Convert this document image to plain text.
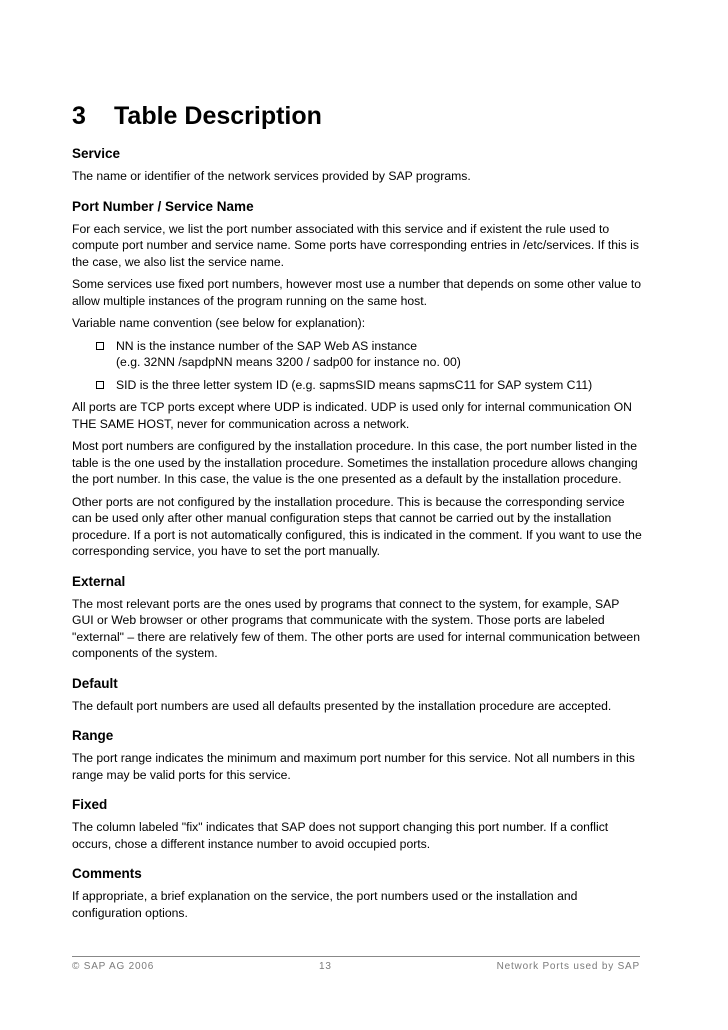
3	Table Description
Service
The name or identifier of the network services provided by SAP programs.
Port Number / Service Name
For each service, we list the port number associated with this service and if existent the rule used to compute port number and service name. Some ports have corresponding entries in /etc/services. If this is the case, we also list the service name.
Some services use fixed port numbers, however most use a number that depends on some other value to allow multiple instances of the program running on the same host.
Variable name convention (see below for explanation):
NN is the instance number of the SAP Web AS instance
(e.g. 32NN /sapdpNN means 3200 / sadp00 for instance no. 00)
SID is the three letter system ID (e.g. sapmsSID means sapmsC11 for SAP system C11)
All ports are TCP ports except where UDP is indicated. UDP is used only for internal communication ON THE SAME HOST, never for communication across a network.
Most port numbers are configured by the installation procedure. In this case, the port number listed in the table is the one used by the installation procedure. Sometimes the installation procedure allows changing the port number. In this case, the value is the one presented as a default by the installation procedure.
Other ports are not configured by the installation procedure. This is because the corresponding service can be used only after other manual configuration steps that cannot be carried out by the installation procedure. If a port is not automatically configured, this is indicated in the comment. If you want to use the corresponding service, you have to set the port manually.
External
The most relevant ports are the ones used by programs that connect to the system, for example, SAP GUI or Web browser or other programs that communicate with the system. Those ports are labeled "external" – there are relatively few of them. The other ports are used for internal communication between components of the system.
Default
The default port numbers are used all defaults presented by the installation procedure are accepted.
Range
The port range indicates the minimum and maximum port number for this service. Not all numbers in this range may be valid ports for this service.
Fixed
The column labeled "fix" indicates that SAP does not support changing this port number. If a conflict occurs, chose a different instance number to avoid occupied ports.
Comments
If appropriate, a brief explanation on the service, the port numbers used or the installation and configuration options.
© SAP AG 2006	13	Network Ports used by SAP
